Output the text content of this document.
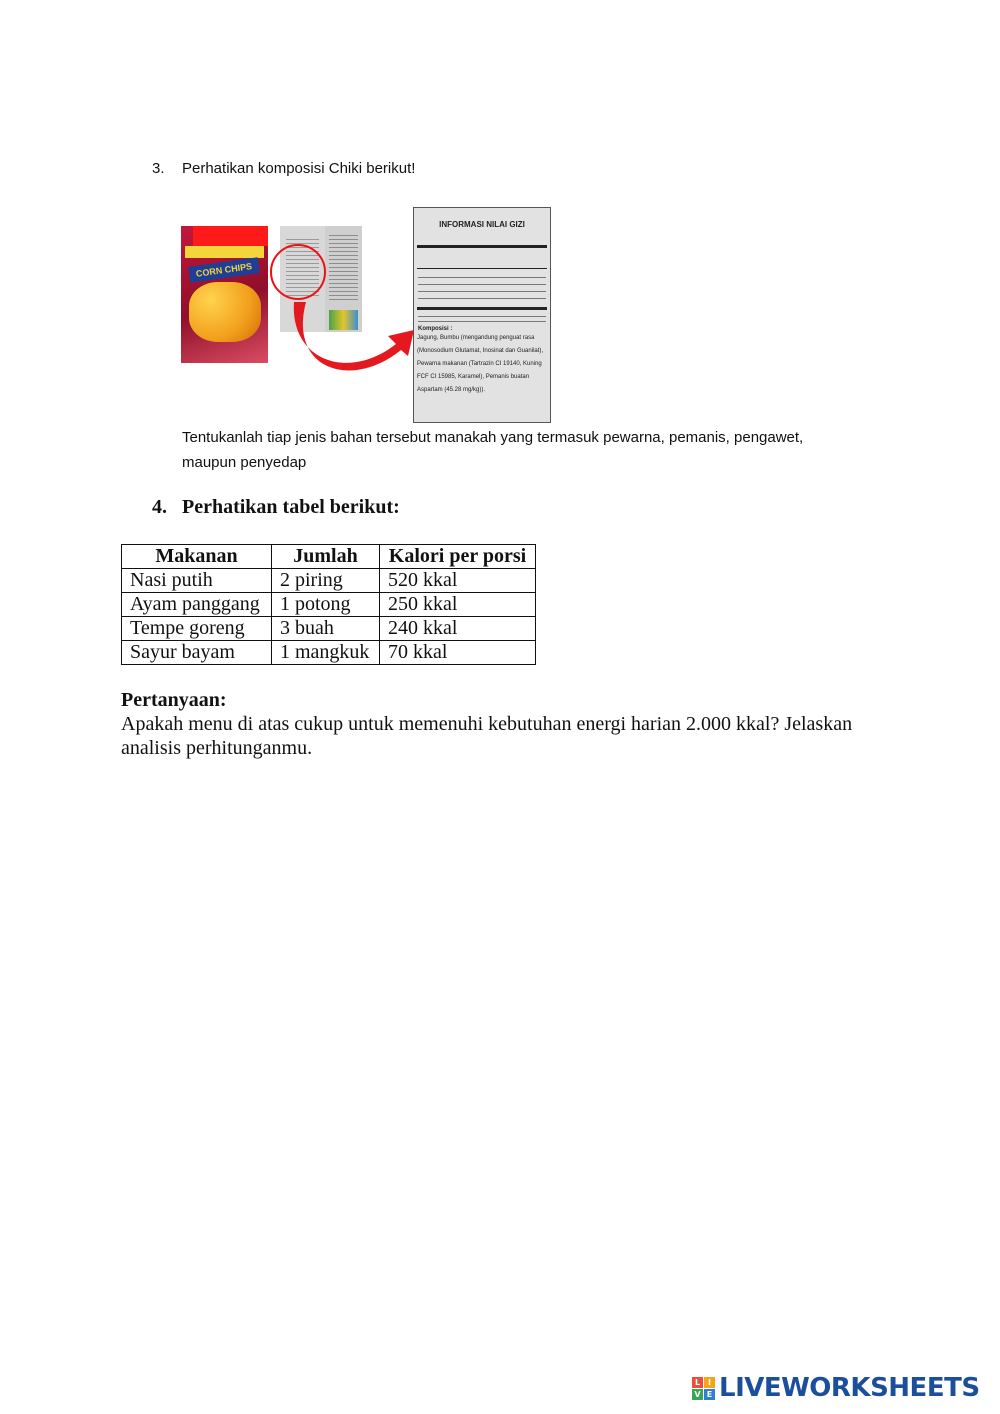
3. Perhatikan komposisi Chiki berikut!
CORN CHIPS
INFORMASI NILAI GIZI
Komposisi :
Jagung, Bumbu (mengandung penguat rasa (Monosodium Glutamat, Inosinat dan Guanilat), Pewarna makanan (Tartrazin CI 19140, Kuning FCF CI 15985, Karamel), Pemanis buatan Aspartam (45.28 mg/kg)).
Tentukanlah tiap jenis bahan tersebut manakah yang termasuk pewarna, pemanis, pengawet, maupun penyedap
4. Perhatikan tabel berikut:
Makanan	Jumlah	Kalori per porsi
Nasi putih	2 piring	520 kkal
Ayam panggang	1 potong	250 kkal
Tempe goreng	3 buah	240 kkal
Sayur bayam	1 mangkuk	70 kkal
Pertanyaan:
Apakah menu di atas cukup untuk memenuhi kebutuhan energi harian 2.000 kkal? Jelaskan analisis perhitunganmu.
L I
V E LIVEWORKSHEETS
